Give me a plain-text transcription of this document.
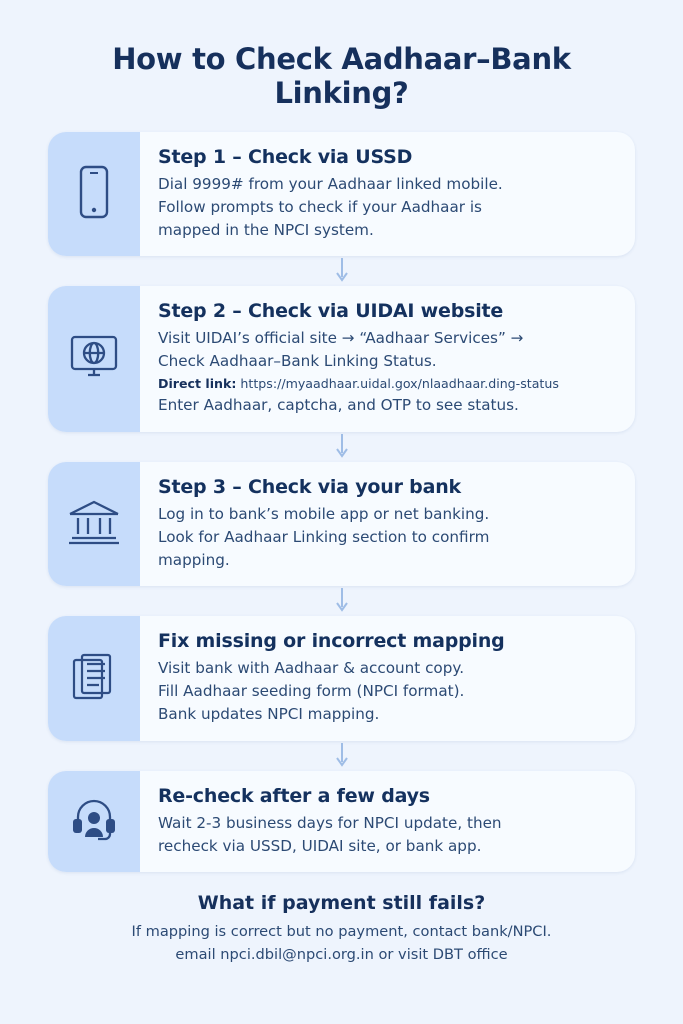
How to Check Aadhaar–Bank Linking?
Step 1 – Check via USSD

Dial 9999# from your Aadhaar linked mobile.

Follow prompts to check if your Aadhaar is

mapped in the NPCI system.

Step 2 – Check via UIDAI website

Visit UIDAI’s official site → “Aadhaar Services” →

Check Aadhaar–Bank Linking Status.

Direct link: https://myaadhaar.uidal.gox/nlaadhaar.ding-status

Enter Aadhaar, captcha, and OTP to see status.

Step 3 – Check via your bank

Log in to bank’s mobile app or net banking.

Look for Aadhaar Linking section to confirm

mapping.

Fix missing or incorrect mapping

Visit bank with Aadhaar & account copy.

Fill Aadhaar seeding form (NPCI format).

Bank updates NPCI mapping.

Re-check after a few days

Wait 2-3 business days for NPCI update, then

recheck via USSD, UIDAI site, or bank app.

What if payment still fails?
If mapping is correct but no payment, contact bank/NPCI.
email npci.dbil@npci.org.in or visit DBT office
